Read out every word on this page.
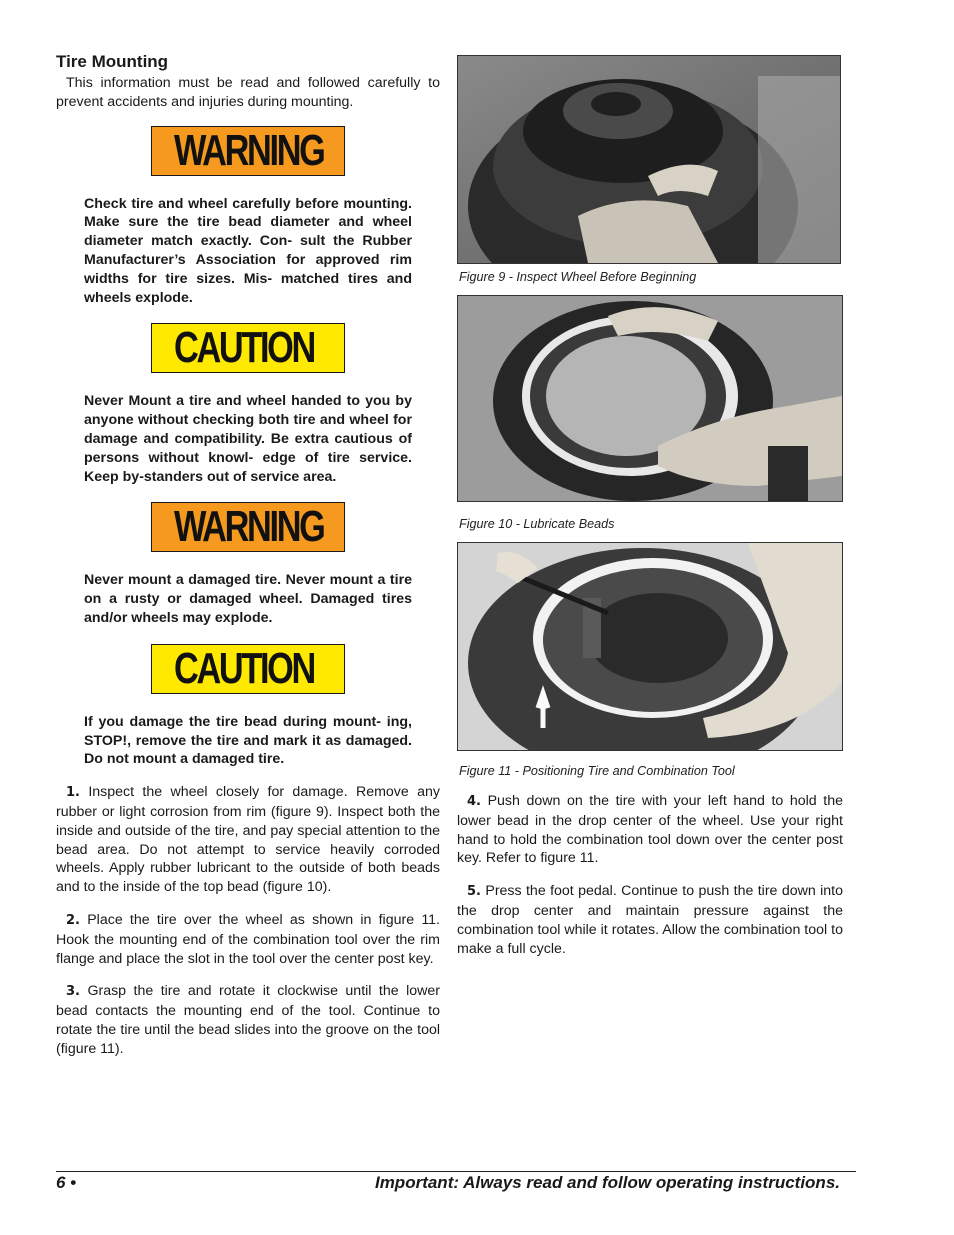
Tire Mounting

This information must be read and followed carefully to prevent accidents and injuries during mounting.

WARNING

Check tire and wheel carefully before mounting. Make sure the tire bead diameter and wheel diameter match exactly. Con- sult the Rubber Manufacturer’s Association for approved rim widths for tire sizes. Mis- matched tires and wheels explode.

CAUTION

Never Mount a tire and wheel handed to you by anyone without checking both tire and wheel for damage and compatibility. Be extra cautious of persons without knowl- edge of tire service. Keep by-standers out of service area.

WARNING

Never mount a damaged tire. Never mount a tire on a rusty or damaged wheel. Damaged tires and/or wheels may explode.

CAUTION

If you damage the tire bead during mount- ing, STOP!, remove the tire and mark it as damaged. Do not mount a damaged tire.

1. Inspect the wheel closely for damage. Remove any rubber or light corrosion from rim (figure 9). Inspect both the inside and outside of the tire, and pay special attention to the bead area. Do not attempt to service heavily corroded wheels. Apply rubber lubricant to the outside of both beads and to the inside of the top bead (figure 10).

2. Place the tire over the wheel as shown in figure 11. Hook the mounting end of the combination tool over the rim flange and place the slot in the tool over the center post key.

3. Grasp the tire and rotate it clockwise until the lower bead contacts the mounting end of the tool. Continue to rotate the tire until the bead slides into the groove on the tool (figure 11).

Figure 9 - Inspect Wheel Before Beginning
Figure 10 - Lubricate Beads
Figure 11 - Positioning Tire and Combination Tool

4. Push down on the tire with your left hand to hold the lower bead in the drop center of the wheel. Use your right hand to hold the combination tool down over the center post key. Refer to figure 11.

5. Press the foot pedal. Continue to push the tire down into the drop center and maintain pressure against the combination tool while it rotates. Allow the combination tool to make a full cycle.

6 •	Important: Always read and follow operating instructions.
